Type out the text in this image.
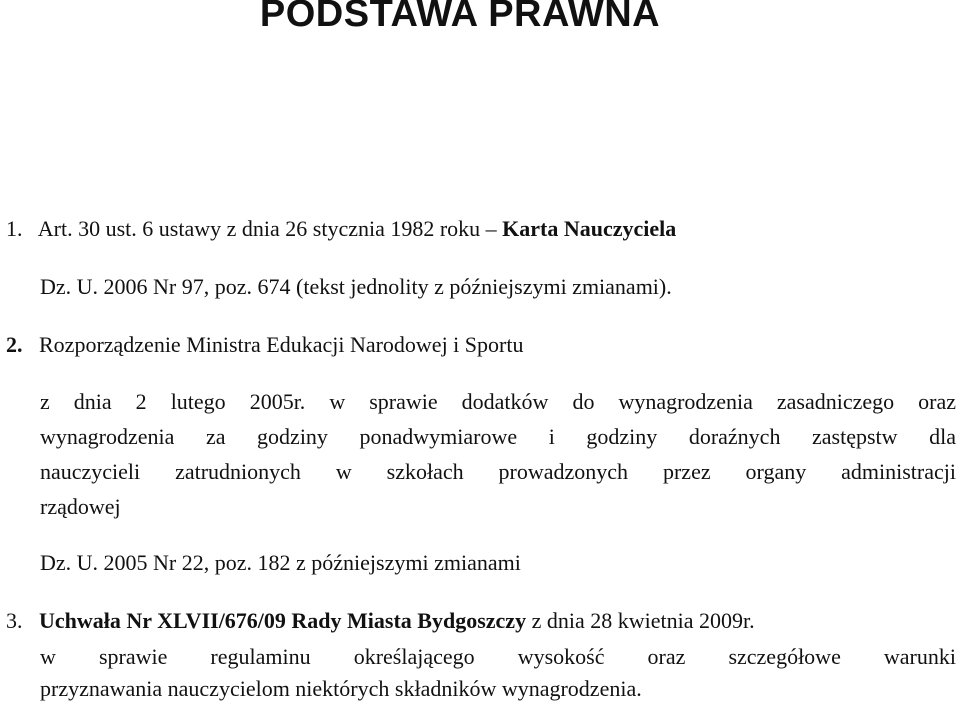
PODSTAWA PRAWNA
1. Art. 30 ust. 6 ustawy z dnia 26 stycznia 1982 roku – Karta Nauczyciela
Dz. U. 2006 Nr 97, poz. 674 (tekst jednolity z późniejszymi zmianami).
2. Rozporządzenie Ministra Edukacji Narodowej i Sportu
z dnia 2 lutego 2005r. w sprawie dodatków do wynagrodzenia zasadniczego oraz
wynagrodzenia za godziny ponadwymiarowe i godziny doraźnych zastępstw dla
nauczycieli zatrudnionych w szkołach prowadzonych przez organy administracji
rządowej
Dz. U. 2005 Nr 22, poz. 182 z późniejszymi zmianami
3. Uchwała Nr XLVII/676/09 Rady Miasta Bydgoszczy z dnia 28 kwietnia 2009r.
w sprawie regulaminu określającego wysokość oraz szczegółowe warunki
przyznawania nauczycielom niektórych składników wynagrodzenia.
